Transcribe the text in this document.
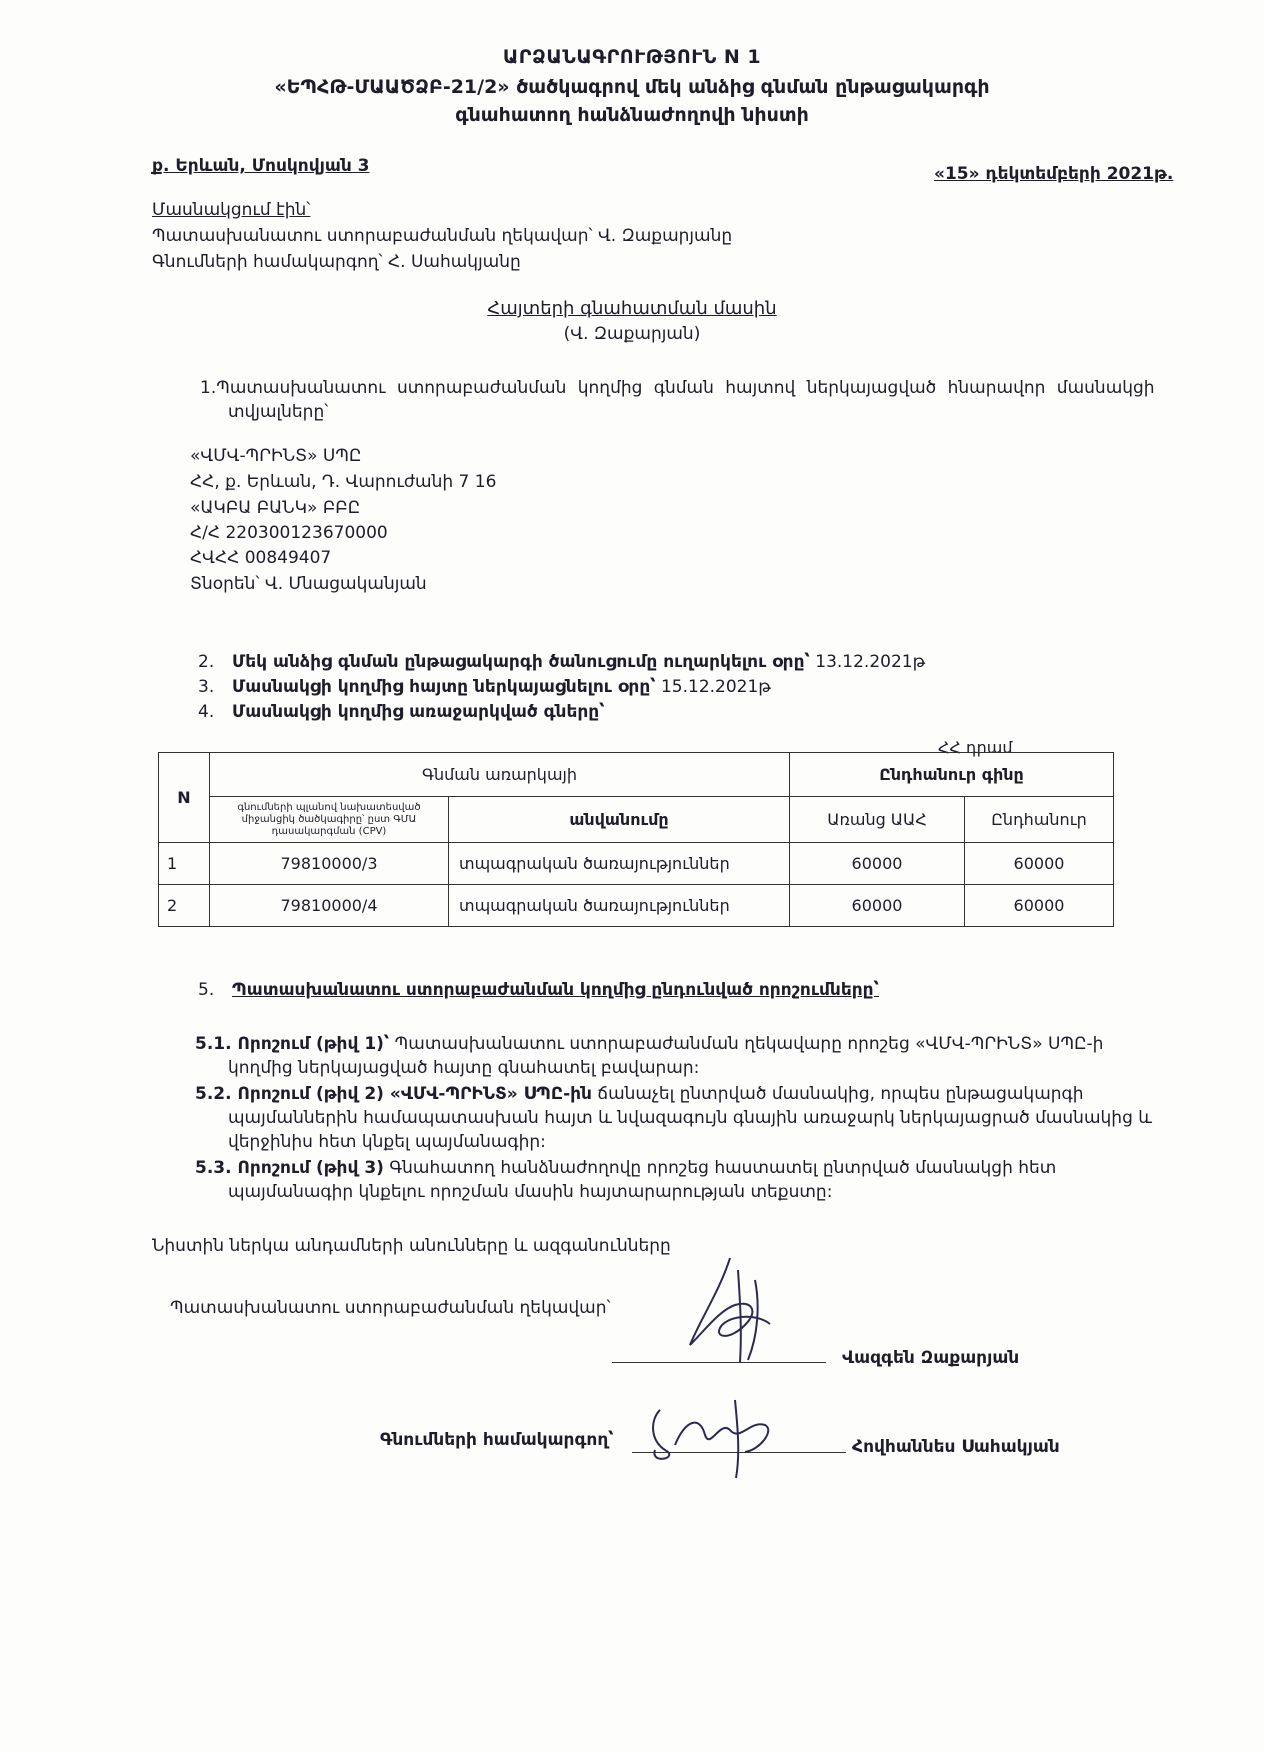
ԱՐՁԱՆԱԳՐՈՒԹՅՈՒՆ N 1
«ԵՊՀԹ-ՄԱԱԾՁԲ-21/2» ծածկագրով մեկ անձից գնման ընթացակարգի
գնահատող հանձնաժողովի նիստի
ք. Երևան, Մոսկովյան 3	«15» դեկտեմբերի 2021թ.
Մասնակցում էին՝
Պատասխանատու ստորաբաժանման ղեկավար՝ Վ. Զաքարյանը
Գնումների համակարգող՝ Հ. Սահակյանը
Հայտերի գնահատման մասին
(Վ. Զաքարյան)
1.Պատասխանատու ստորաբաժանման կողմից գնման հայտով ներկայացված հնարավոր մասնակցի
տվյալները՝
«ՎՄՎ-ՊՐԻՆՏ» ՍՊԸ
ՀՀ, ք. Երևան, Դ. Վարուժանի 7 16
«ԱԿԲԱ ԲԱՆԿ» ԲԲԸ
Հ/Հ 220300123670000
ՀՎՀՀ 00849407
Տնօրեն՝ Վ. Մնացականյան
2. Մեկ անձից գնման ընթացակարգի ծանուցումը ուղարկելու օրը՝ 13.12.2021թ
3. Մասնակցի կողմից հայտը ներկայացնելու օրը՝ 15.12.2021թ
4. Մասնակցի կողմից առաջարկված գները՝
ՀՀ դրամ
N	Գնման առարկայի		Ընդհանուր գինը	
	գնումների պլանով նախատեսված միջանցիկ ծածկագիրը՝ ըստ ԳՄԱ դասակարգման (CPV)	անվանումը	Առանց ԱԱՀ	Ընդհանուր

1	79810000/3	տպագրական ծառայություններ	60000	60000
2	79810000/4	տպագրական ծառայություններ	60000	60000
5. Պատասխանատու ստորաբաժանման կողմից ընդունված որոշումները՝
5.1. Որոշում (թիվ 1)՝ Պատասխանատու ստորաբաժանման ղեկավարը որոշեց «ՎՄՎ-ՊՐԻՆՏ» ՍՊԸ-ի
կողմից ներկայացված հայտը գնահատել բավարար:
5.2. Որոշում (թիվ 2) «ՎՄՎ-ՊՐԻՆՏ» ՍՊԸ-ին ճանաչել ընտրված մասնակից, որպես ընթացակարգի
պայմաններին համապատասխան հայտ և նվազագույն գնային առաջարկ ներկայացրած մասնակից և
վերջինիս հետ կնքել պայմանագիր:
5.3. Որոշում (թիվ 3) Գնահատող հանձնաժողովը որոշեց հաստատել ընտրված մասնակցի հետ
պայմանագիր կնքելու որոշման մասին հայտարարության տեքստը:
Նիստին ներկա անդամների անունները և ազգանունները
Պատասխանատու ստորաբաժանման ղեկավար՝
Վազգեն Զաքարյան
Գնումների համակարգող՝	Հովհաննես Սահակյան
